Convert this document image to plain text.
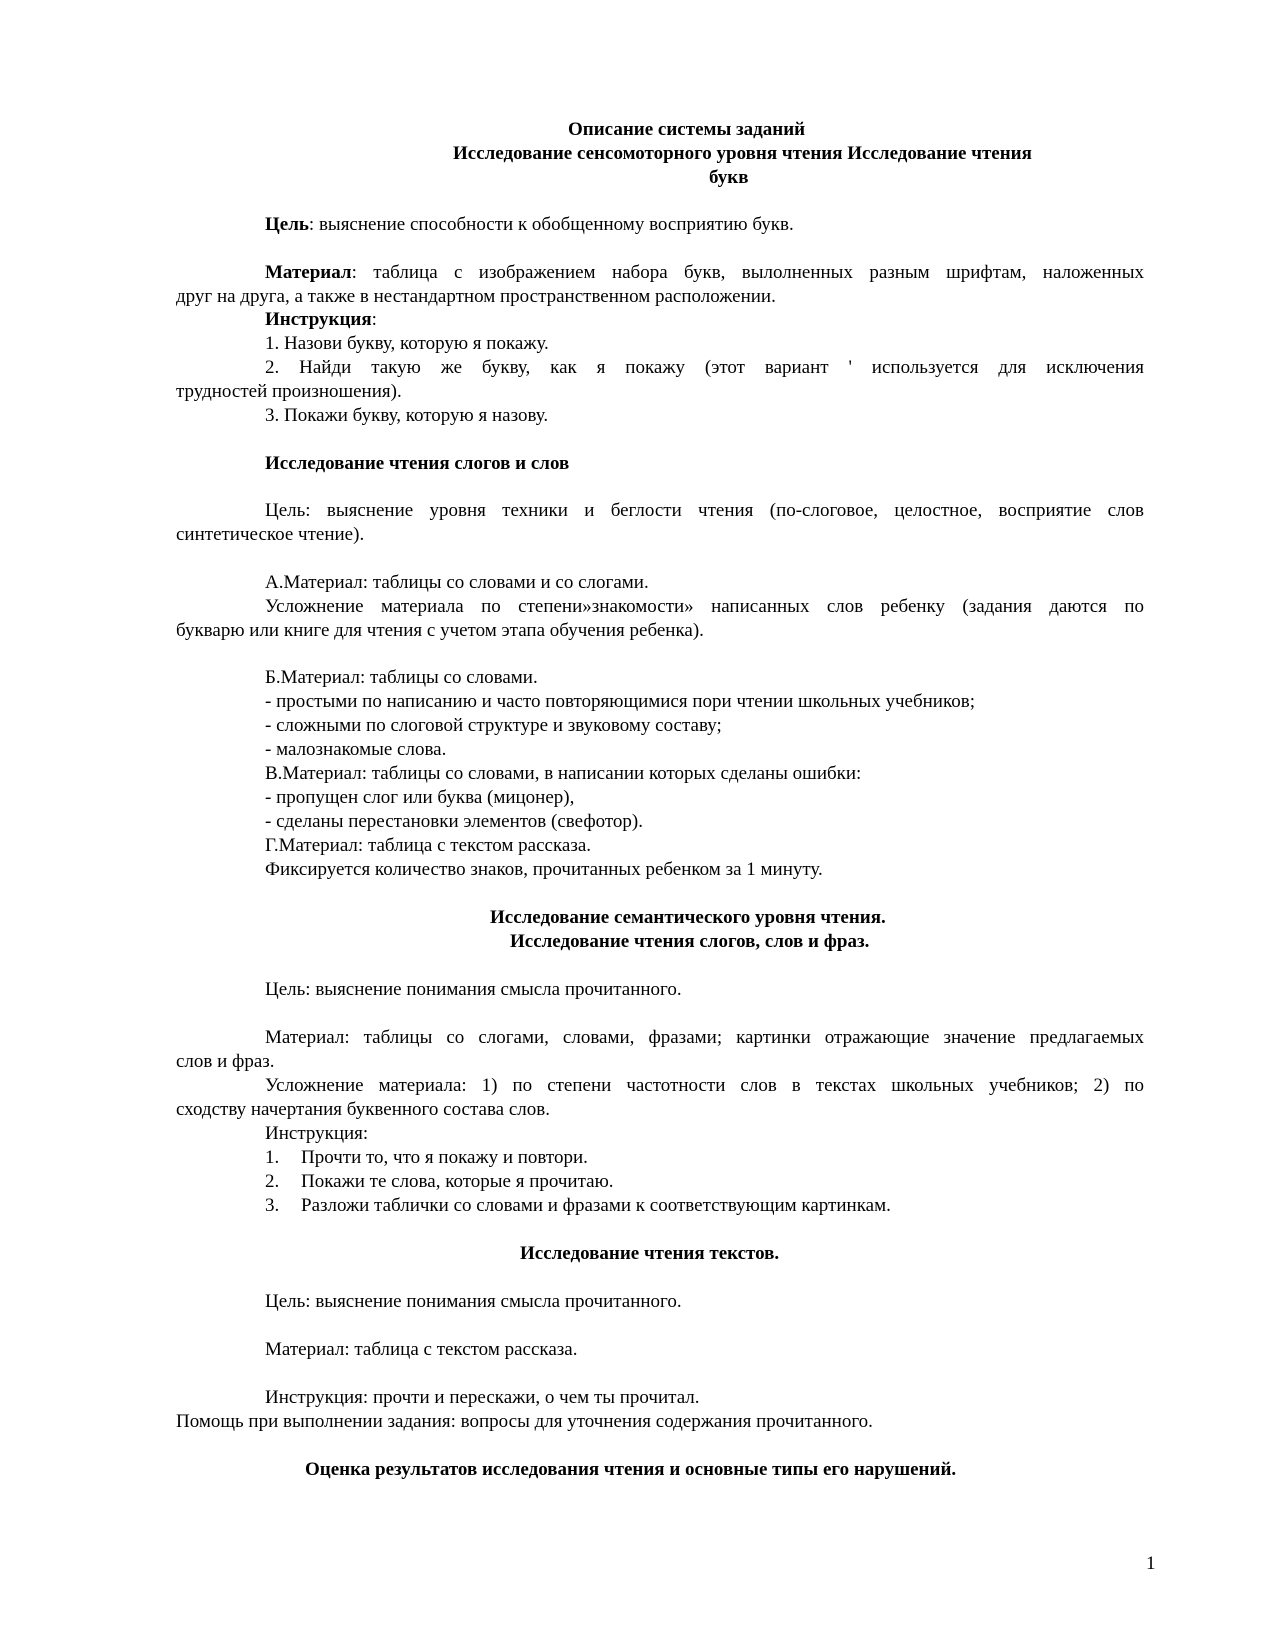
Описание системы заданий
Исследование сенсомоторного уровня чтения Исследование чтения
букв
Цель: выяснение способности к обобщенному восприятию букв.
Материал: таблица с изображением набора букв, вылолненных разным шрифтам, наложенных
друг на друга, а также в нестандартном пространственном расположении.
Инструкция:
1. Назови букву, которую я покажу.
2. Найди такую же букву, как я покажу (этот вариант ' используется для исключения
трудностей произношения).
3. Покажи букву, которую я назову.
Исследование чтения слогов и слов
Цель: выяснение уровня техники и беглости чтения (по-слоговое, целостное, восприятие слов
синтетическое чтение).
А.Материал: таблицы со словами и со слогами.
Усложнение материала по степени»знакомости» написанных слов ребенку (задания даются по
букварю или книге для чтения с учетом этапа обучения ребенка).
Б.Материал: таблицы со словами.
- простыми по написанию и часто повторяющимися пори чтении школьных учебников;
- сложными по слоговой структуре и звуковому составу;
- малознакомые слова.
В.Материал: таблицы со словами, в написании которых сделаны ошибки:
- пропущен слог или буква (мицонер),
- сделаны перестановки элементов (свефотор).
Г.Материал: таблица с текстом рассказа.
Фиксируется количество знаков, прочитанных ребенком за 1 минуту.
Исследование семантического уровня чтения.
Исследование чтения слогов, слов и фраз.
Цель: выяснение понимания смысла прочитанного.
Материал: таблицы со слогами, словами, фразами; картинки отражающие значение предлагаемых
слов и фраз.
Усложнение материала: 1) по степени частотности слов в текстах школьных учебников; 2) по
сходству начертания буквенного состава слов.
Инструкция:
1. Прочти то, что я покажу и повтори.
2. Покажи те слова, которые я прочитаю.
3. Разложи таблички со словами и фразами к соответствующим картинкам.
Исследование чтения текстов.
Цель: выяснение понимания смысла прочитанного.
Материал: таблица с текстом рассказа.
Инструкция: прочти и перескажи, о чем ты прочитал.
Помощь при выполнении задания: вопросы для уточнения содержания прочитанного.
Оценка результатов исследования чтения и основные типы его нарушений.
1
